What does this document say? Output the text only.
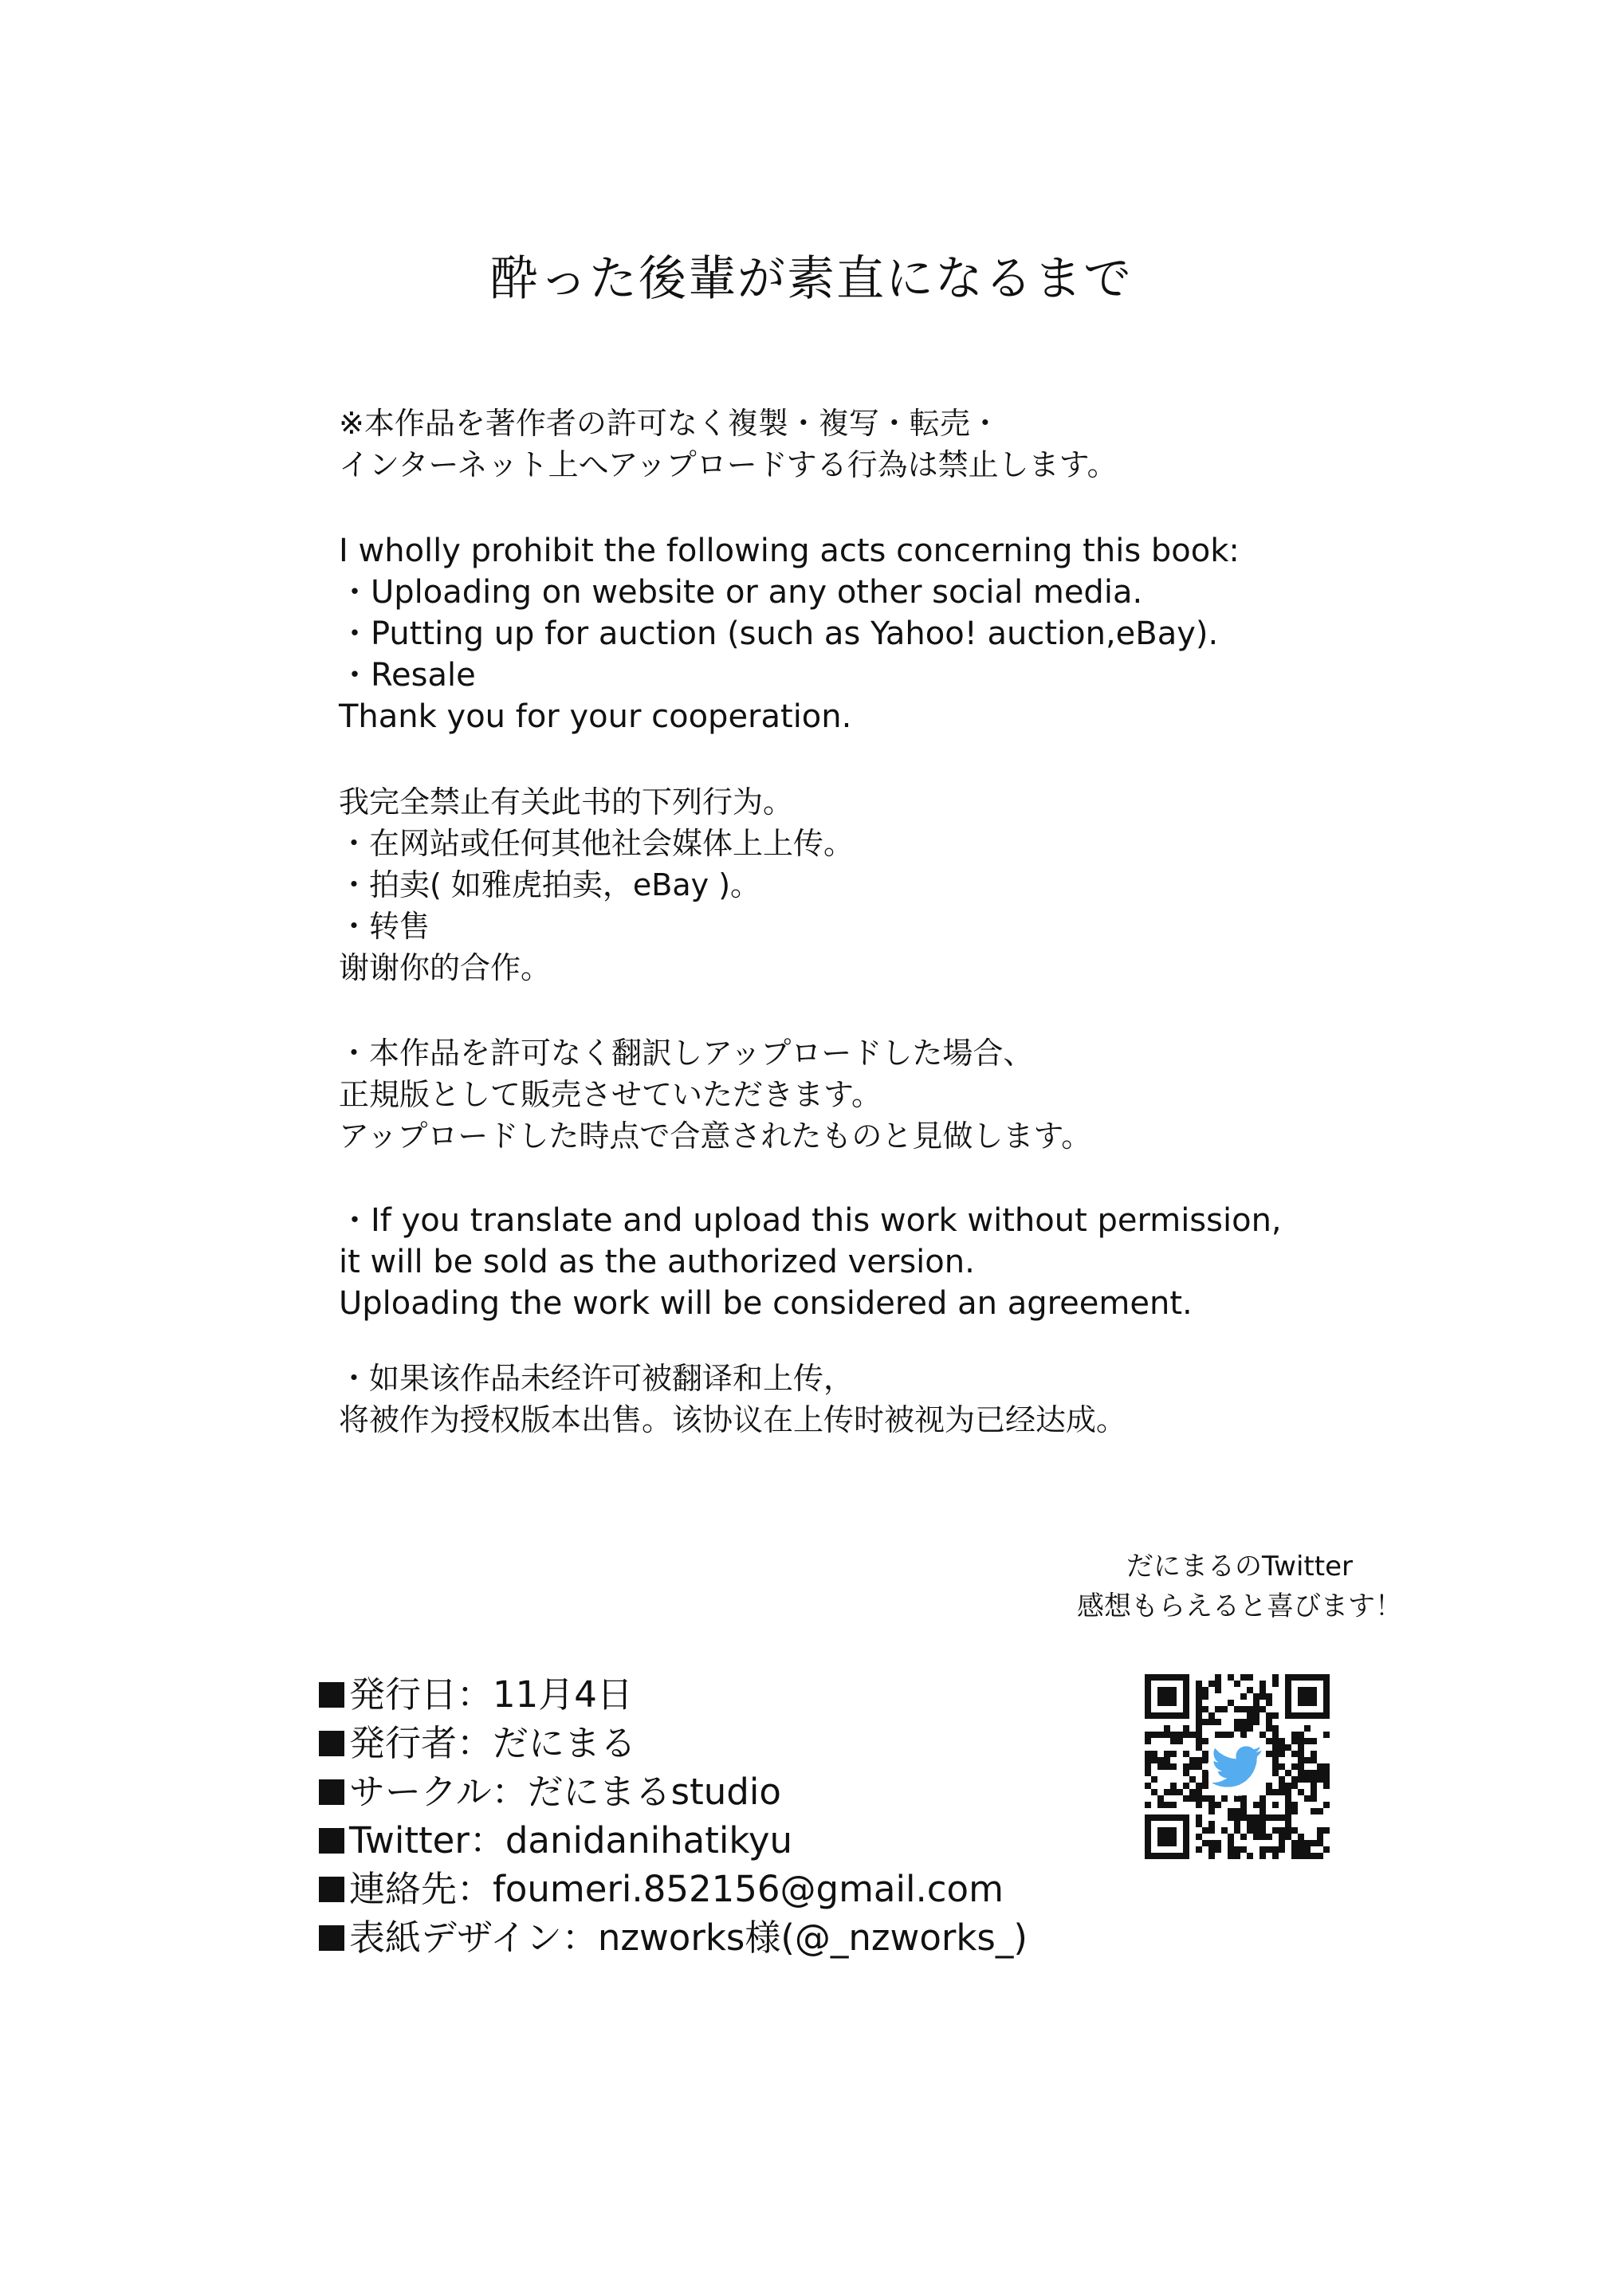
酔った後輩が素直になるまで
※本作品を著作者の許可なく複製・複写・転売・
インターネット上へアップロードする行為は禁止します。
I wholly prohibit the following acts concerning this book:
・Uploading on website or any other social media.
・Putting up for auction (such as Yahoo! auction,eBay).
・Resale
Thank you for your cooperation.
我完全禁止有关此书的下列行为。
・在网站或任何其他社会媒体上上传。
・拍卖( 如雅虎拍卖，eBay )。
・转售
谢谢你的合作。
・本作品を許可なく翻訳しアップロードした場合、
正規版として販売させていただきます。
アップロードした時点で合意されたものと見做します。
・If you translate and upload this work without permission,
it will be sold as the authorized version.
Uploading the work will be considered an agreement.
・如果该作品未经许可被翻译和上传，
将被作为授权版本出售。该协议在上传时被视为已经达成。
だにまるのTwitter
感想もらえると喜びます！
発行日：11月4日
発行者：だにまる
サークル：だにまるstudio
Twitter：danidanihatikyu
連絡先：foumeri.852156@gmail.com
表紙デザイン：nzworks様(@_nzworks_)
